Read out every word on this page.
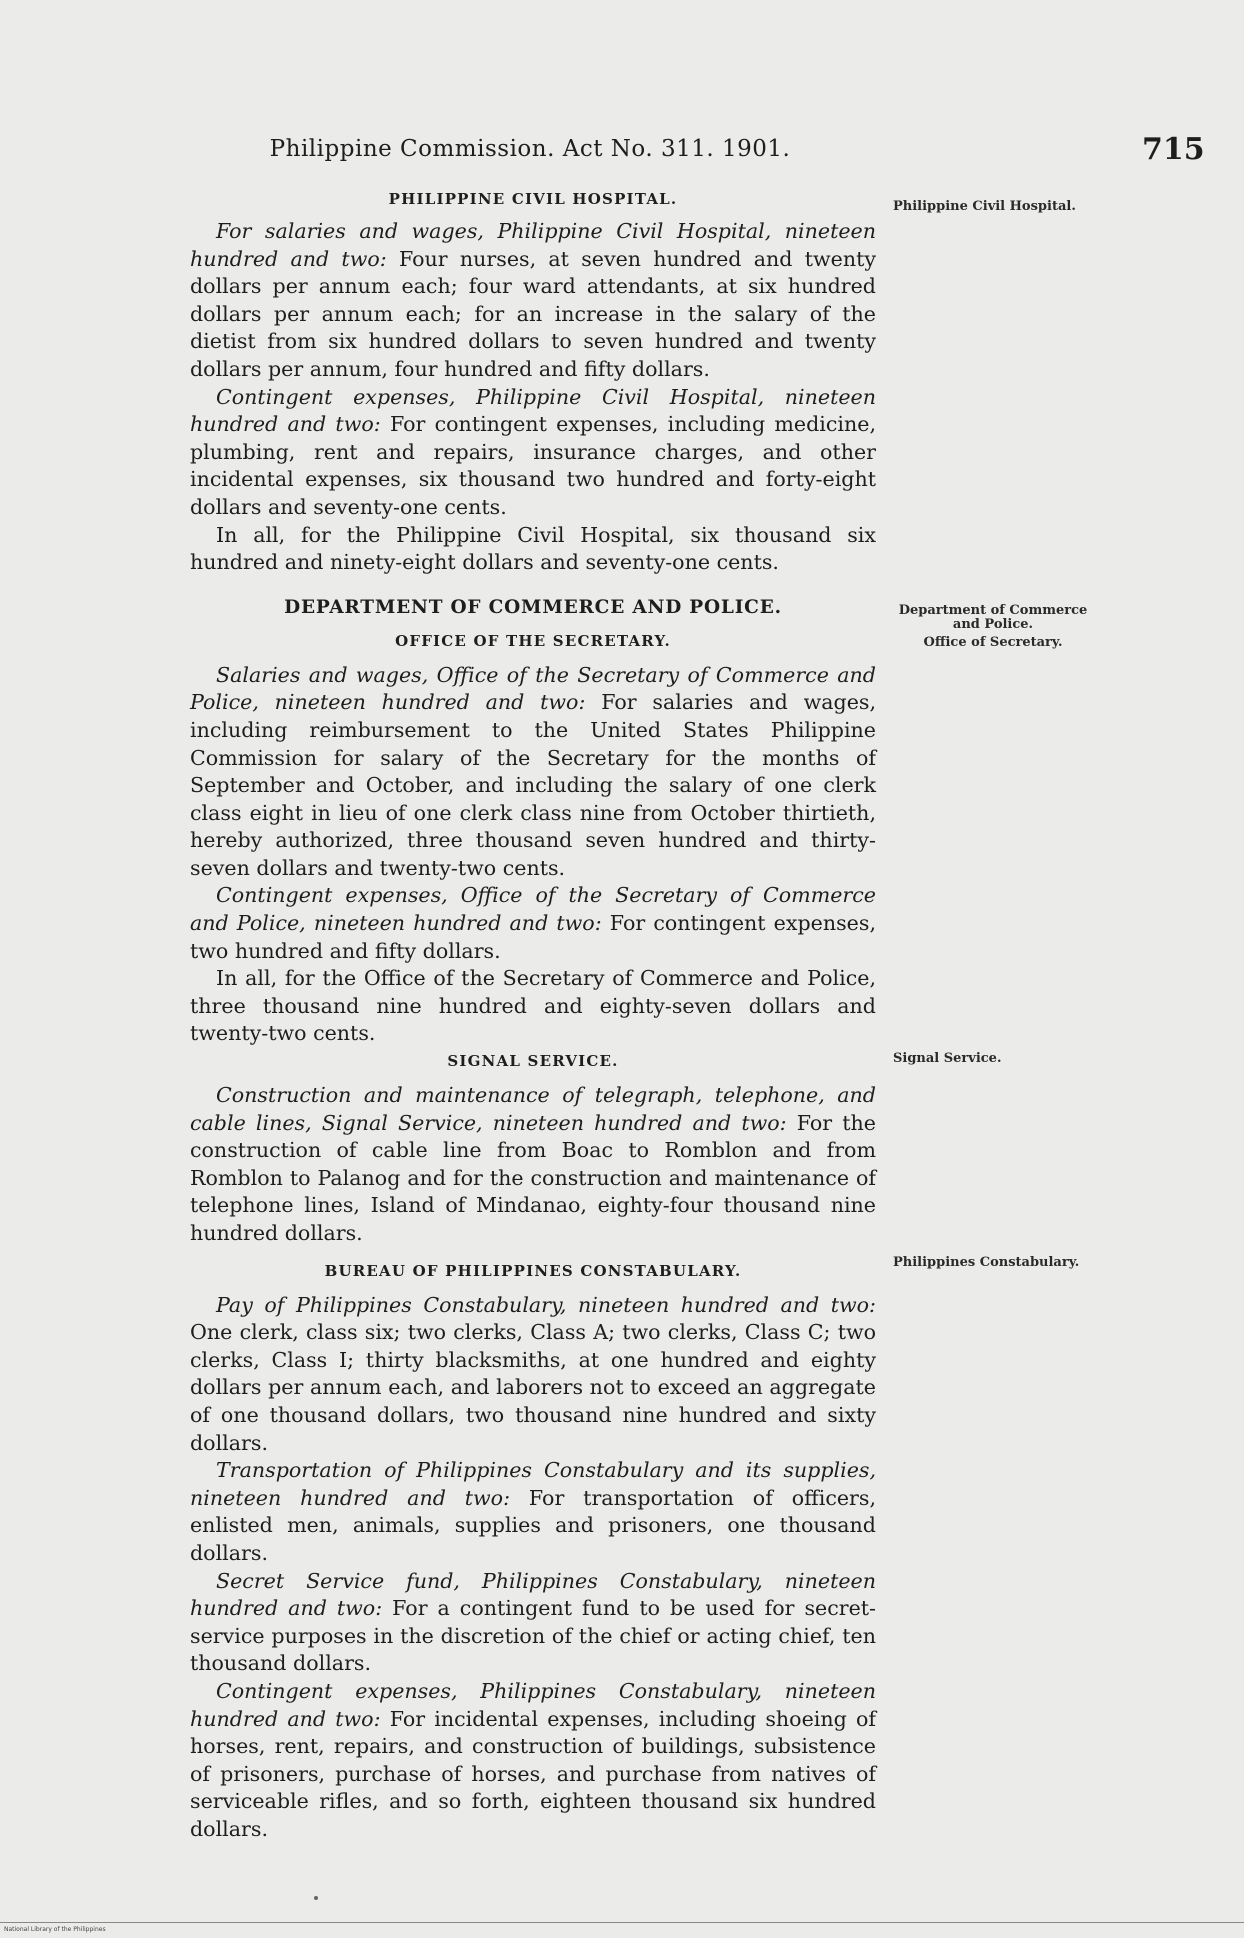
Philippine Commission. Act No. 311. 1901.	715
PHILIPPINE CIVIL HOSPITAL.

For salaries and wages, Philippine Civil Hospital, nineteen hundred and two: Four nurses, at seven hundred and twenty dollars per annum each; four ward attendants, at six hundred dollars per annum each; for an increase in the salary of the dietist from six hundred dollars to seven hundred and twenty dollars per annum, four hundred and fifty dollars.

Contingent expenses, Philippine Civil Hospital, nineteen hundred and two: For contingent expenses, including medicine, plumbing, rent and repairs, insurance charges, and other incidental expenses, six thousand two hundred and forty-eight dollars and seventy-one cents.

In all, for the Philippine Civil Hospital, six thousand six hundred and ninety-eight dollars and seventy-one cents.

DEPARTMENT OF COMMERCE AND POLICE.
OFFICE OF THE SECRETARY.

Salaries and wages, Office of the Secretary of Commerce and Police, nineteen hundred and two: For salaries and wages, including reimbursement to the United States Philippine Commission for salary of the Secretary for the months of September and October, and including the salary of one clerk class eight in lieu of one clerk class nine from October thirtieth, hereby authorized, three thousand seven hundred and thirty-seven dollars and twenty-two cents.

Contingent expenses, Office of the Secretary of Commerce and Police, nineteen hundred and two: For contingent expenses, two hundred and fifty dollars.

In all, for the Office of the Secretary of Commerce and Police, three thousand nine hundred and eighty-seven dollars and twenty-two cents.

SIGNAL SERVICE.

Construction and maintenance of telegraph, telephone, and cable lines, Signal Service, nineteen hundred and two: For the construction of cable line from Boac to Romblon and from Romblon to Palanog and for the construction and maintenance of telephone lines, Island of Mindanao, eighty-four thousand nine hundred dollars.

BUREAU OF PHILIPPINES CONSTABULARY.

Pay of Philippines Constabulary, nineteen hundred and two: One clerk, class six; two clerks, Class A; two clerks, Class C; two clerks, Class I; thirty blacksmiths, at one hundred and eighty dollars per annum each, and laborers not to exceed an aggregate of one thousand dollars, two thousand nine hundred and sixty dollars.

Transportation of Philippines Constabulary and its supplies, nineteen hundred and two: For transportation of officers, enlisted men, animals, supplies and prisoners, one thousand dollars.

Secret Service fund, Philippines Constabulary, nineteen hundred and two: For a contingent fund to be used for secret-service purposes in the discretion of the chief or acting chief, ten thousand dollars.

Contingent expenses, Philippines Constabulary, nineteen hundred and two: For incidental expenses, including shoeing of horses, rent, repairs, and construction of buildings, subsistence of prisoners, purchase of horses, and purchase from natives of serviceable rifles, and so forth, eighteen thousand six hundred dollars.

Philippine Civil Hospital.
Department of Commerce and Police.
Office of Secretary.
Signal Service.
Philippines Constabulary.
National Library of the Philippines
